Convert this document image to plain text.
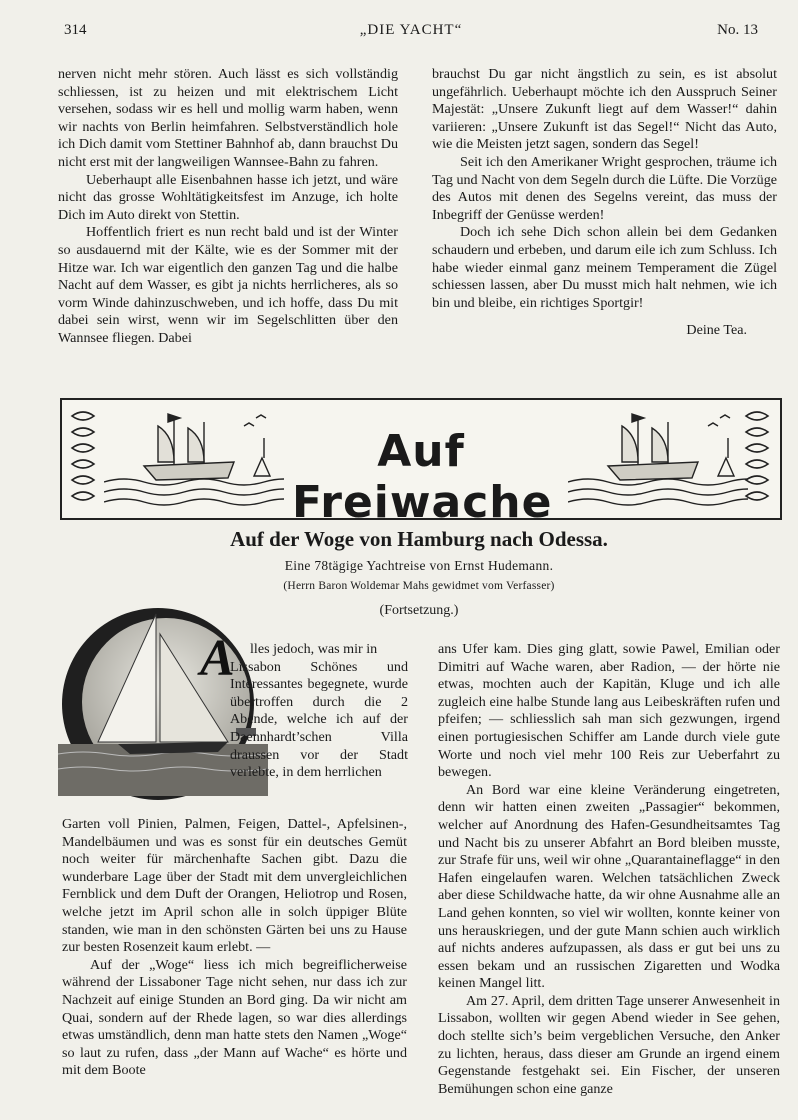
314	„DIE YACHT“	No. 13

nerven nicht mehr stören. Auch lässt es sich vollständig schliessen, ist zu heizen und mit elektrischem Licht versehen, sodass wir es hell und mollig warm haben, wenn wir nachts von Berlin heimfahren. Selbstverständlich hole ich Dich damit vom Stettiner Bahnhof ab, dann brauchst Du nicht erst mit der langweiligen Wannsee-Bahn zu fahren.

Ueberhaupt alle Eisenbahnen hasse ich jetzt, und wäre nicht das grosse Wohltätigkeitsfest im Anzuge, ich holte Dich im Auto direkt von Stettin.

Hoffentlich friert es nun recht bald und ist der Winter so ausdauernd mit der Kälte, wie es der Sommer mit der Hitze war. Ich war eigentlich den ganzen Tag und die halbe Nacht auf dem Wasser, es gibt ja nichts herrlicheres, als so vorm Winde dahinzuschweben, und ich hoffe, dass Du mit dabei sein wirst, wenn wir im Segelschlitten über den Wannsee fliegen. Dabei

brauchst Du gar nicht ängstlich zu sein, es ist absolut ungefährlich. Ueberhaupt möchte ich den Ausspruch Seiner Majestät: „Unsere Zukunft liegt auf dem Wasser!“ dahin variieren: „Unsere Zukunft ist das Segel!“ Nicht das Auto, wie die Meisten jetzt sagen, sondern das Segel!

Seit ich den Amerikaner Wright gesprochen, träume ich Tag und Nacht von dem Segeln durch die Lüfte. Die Vorzüge des Autos mit denen des Segelns vereint, das muss der Inbegriff der Genüsse werden!

Doch ich sehe Dich schon allein bei dem Gedanken schaudern und erbeben, und darum eile ich zum Schluss. Ich habe wieder einmal ganz meinem Temperament die Zügel schiessen lassen, aber Du musst mich halt nehmen, wie ich bin und bleibe, ein richtiges Sportgir!

Deine Tea.

Auf Freiwache
Auf der Woge von Hamburg nach Odessa.
Eine 78tägige Yachtreise von Ernst Hudemann.
(Herrn Baron Woldemar Mahs gewidmet vom Verfasser)
(Fortsetzung.)
A	lles jedoch, was mir in

Lissabon Schönes und Interessantes begegnete, wurde übertroffen durch die 2 Abende, welche ich auf der Daennhardt’schen Villa draussen vor der Stadt verlebte, in dem herrlichen

Garten voll Pinien, Palmen, Feigen, Dattel-, Apfelsinen-, Mandelbäumen und was es sonst für ein deutsches Gemüt noch weiter für märchenhafte Sachen gibt. Dazu die wunderbare Lage über der Stadt mit dem unvergleichlichen Fernblick und dem Duft der Orangen, Heliotrop und Rosen, welche jetzt im April schon alle in solch üppiger Blüte standen, wie man in den schönsten Gärten bei uns zu Hause zur besten Rosenzeit kaum erlebt. —

Auf der „Woge“ liess ich mich begreiflicherweise während der Lissaboner Tage nicht sehen, nur dass ich zur Nachzeit auf einige Stunden an Bord ging. Da wir nicht am Quai, sondern auf der Rhede lagen, so war dies allerdings etwas umständlich, denn man hatte stets den Namen „Woge“ so laut zu rufen, dass „der Mann auf Wache“ es hörte und mit dem Boote

ans Ufer kam. Dies ging glatt, sowie Pawel, Emilian oder Dimitri auf Wache waren, aber Radion, — der hörte nie etwas, mochten auch der Kapitän, Kluge und ich alle zugleich eine halbe Stunde lang aus Leibeskräften rufen und pfeifen; — schliesslich sah man sich gezwungen, irgend einen portugiesischen Schiffer am Lande durch viele gute Worte und noch viel mehr 100 Reis zur Ueberfahrt zu bewegen.

An Bord war eine kleine Veränderung eingetreten, denn wir hatten einen zweiten „Passagier“ bekommen, welcher auf Anordnung des Hafen-Gesundheitsamtes Tag und Nacht bis zu unserer Abfahrt an Bord bleiben musste, zur Strafe für uns, weil wir ohne „Quarantaineflagge“ in den Hafen eingelaufen waren. Welchen tatsächlichen Zweck aber diese Schildwache hatte, da wir ohne Ausnahme alle an Land gehen konnten, so viel wir wollten, konnte keiner von uns herauskriegen, und der gute Mann schien auch wirklich auf nichts anderes aufzupassen, als dass er gut bei uns zu essen bekam und an russischen Zigaretten und Wodka keinen Mangel litt.

Am 27. April, dem dritten Tage unserer Anwesenheit in Lissabon, wollten wir gegen Abend wieder in See gehen, doch stellte sich’s beim vergeblichen Versuche, den Anker zu lichten, heraus, dass dieser am Grunde an irgend einem Gegenstande festgehakt sei. Ein Fischer, der unseren Bemühungen schon eine ganze
